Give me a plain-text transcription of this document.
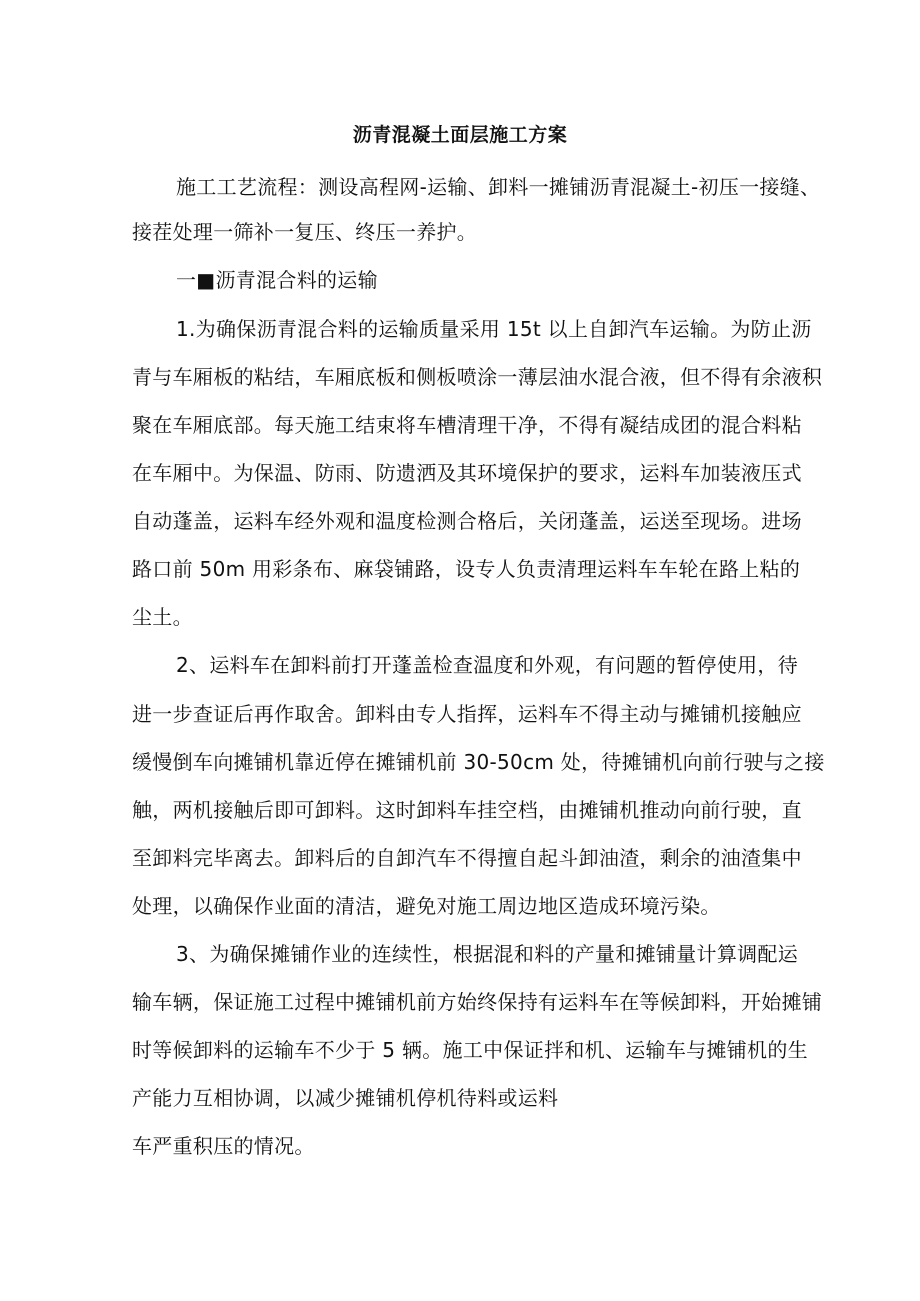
沥青混凝土面层施工方案
施工工艺流程：测设高程网-运输、卸料一摊铺沥青混凝土-初压一接缝、
接茬处理一筛补一复压、终压一养护。
一■沥青混合料的运输
1.为确保沥青混合料的运输质量采用 15t 以上自卸汽车运输。为防止沥
青与车厢板的粘结，车厢底板和侧板喷涂一薄层油水混合液，但不得有余液积
聚在车厢底部。每天施工结束将车槽清理干净，不得有凝结成团的混合料粘
在车厢中。为保温、防雨、防遗洒及其环境保护的要求，运料车加装液压式
自动蓬盖，运料车经外观和温度检测合格后，关闭蓬盖，运送至现场。进场
路口前 50m 用彩条布、麻袋铺路，设专人负责清理运料车车轮在路上粘的
尘土。
2、运料车在卸料前打开蓬盖检查温度和外观，有问题的暂停使用，待
进一步查证后再作取舍。卸料由专人指挥，运料车不得主动与摊铺机接触应
缓慢倒车向摊铺机靠近停在摊铺机前 30-50cm 处，待摊铺机向前行驶与之接
触，两机接触后即可卸料。这时卸料车挂空档，由摊铺机推动向前行驶，直
至卸料完毕离去。卸料后的自卸汽车不得擅自起斗卸油渣，剩余的油渣集中
处理，以确保作业面的清洁，避免对施工周边地区造成环境污染。
3、为确保摊铺作业的连续性，根据混和料的产量和摊铺量计算调配运
输车辆，保证施工过程中摊铺机前方始终保持有运料车在等候卸料，开始摊铺
时等候卸料的运输车不少于 5 辆。施工中保证拌和机、运输车与摊铺机的生
产能力互相协调，以减少摊铺机停机待料或运料
车严重积压的情况。
